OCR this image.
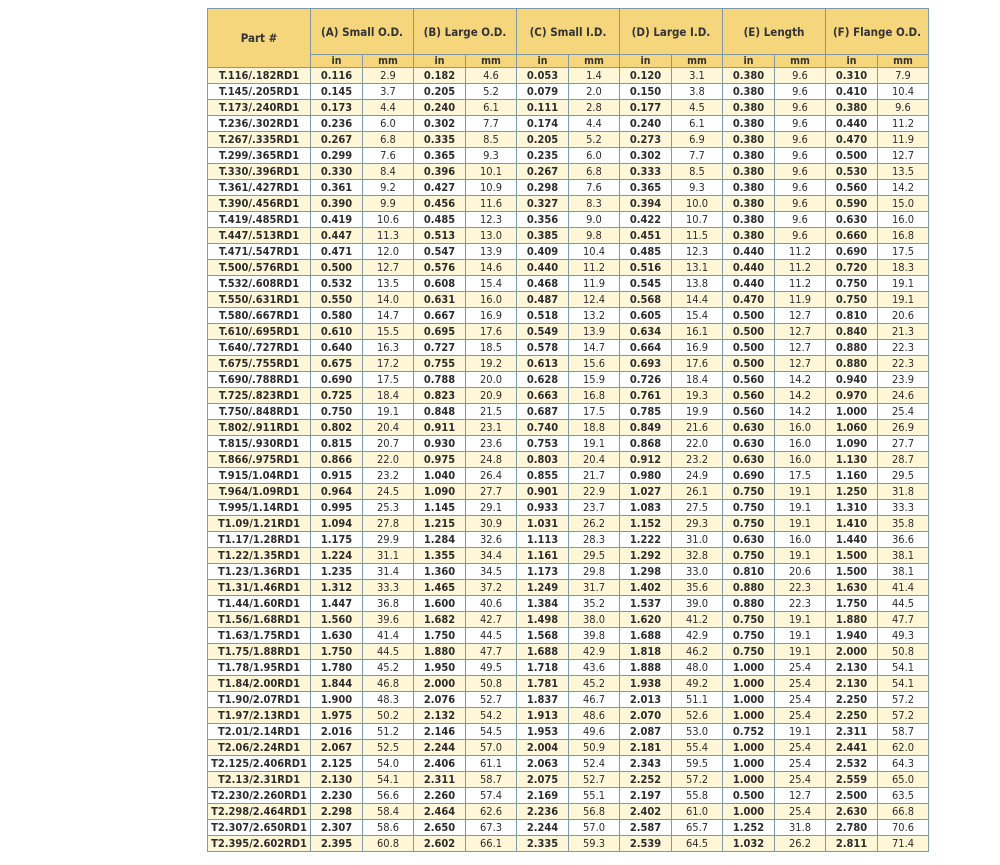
Part #	(A) Small O.D.		(B) Large O.D.		(C) Small I.D.		(D) Large I.D.		(E) Length		(F) Flange O.D.	
	in	mm	in	mm	in	mm	in	mm	in	mm	in	mm
T.116/.182RD1	0.116	2.9	0.182	4.6	0.053	1.4	0.120	3.1	0.380	9.6	0.310	7.9
T.145/.205RD1	0.145	3.7	0.205	5.2	0.079	2.0	0.150	3.8	0.380	9.6	0.410	10.4
T.173/.240RD1	0.173	4.4	0.240	6.1	0.111	2.8	0.177	4.5	0.380	9.6	0.380	9.6
T.236/.302RD1	0.236	6.0	0.302	7.7	0.174	4.4	0.240	6.1	0.380	9.6	0.440	11.2
T.267/.335RD1	0.267	6.8	0.335	8.5	0.205	5.2	0.273	6.9	0.380	9.6	0.470	11.9
T.299/.365RD1	0.299	7.6	0.365	9.3	0.235	6.0	0.302	7.7	0.380	9.6	0.500	12.7
T.330/.396RD1	0.330	8.4	0.396	10.1	0.267	6.8	0.333	8.5	0.380	9.6	0.530	13.5
T.361/.427RD1	0.361	9.2	0.427	10.9	0.298	7.6	0.365	9.3	0.380	9.6	0.560	14.2
T.390/.456RD1	0.390	9.9	0.456	11.6	0.327	8.3	0.394	10.0	0.380	9.6	0.590	15.0
T.419/.485RD1	0.419	10.6	0.485	12.3	0.356	9.0	0.422	10.7	0.380	9.6	0.630	16.0
T.447/.513RD1	0.447	11.3	0.513	13.0	0.385	9.8	0.451	11.5	0.380	9.6	0.660	16.8
T.471/.547RD1	0.471	12.0	0.547	13.9	0.409	10.4	0.485	12.3	0.440	11.2	0.690	17.5
T.500/.576RD1	0.500	12.7	0.576	14.6	0.440	11.2	0.516	13.1	0.440	11.2	0.720	18.3
T.532/.608RD1	0.532	13.5	0.608	15.4	0.468	11.9	0.545	13.8	0.440	11.2	0.750	19.1
T.550/.631RD1	0.550	14.0	0.631	16.0	0.487	12.4	0.568	14.4	0.470	11.9	0.750	19.1
T.580/.667RD1	0.580	14.7	0.667	16.9	0.518	13.2	0.605	15.4	0.500	12.7	0.810	20.6
T.610/.695RD1	0.610	15.5	0.695	17.6	0.549	13.9	0.634	16.1	0.500	12.7	0.840	21.3
T.640/.727RD1	0.640	16.3	0.727	18.5	0.578	14.7	0.664	16.9	0.500	12.7	0.880	22.3
T.675/.755RD1	0.675	17.2	0.755	19.2	0.613	15.6	0.693	17.6	0.500	12.7	0.880	22.3
T.690/.788RD1	0.690	17.5	0.788	20.0	0.628	15.9	0.726	18.4	0.560	14.2	0.940	23.9
T.725/.823RD1	0.725	18.4	0.823	20.9	0.663	16.8	0.761	19.3	0.560	14.2	0.970	24.6
T.750/.848RD1	0.750	19.1	0.848	21.5	0.687	17.5	0.785	19.9	0.560	14.2	1.000	25.4
T.802/.911RD1	0.802	20.4	0.911	23.1	0.740	18.8	0.849	21.6	0.630	16.0	1.060	26.9
T.815/.930RD1	0.815	20.7	0.930	23.6	0.753	19.1	0.868	22.0	0.630	16.0	1.090	27.7
T.866/.975RD1	0.866	22.0	0.975	24.8	0.803	20.4	0.912	23.2	0.630	16.0	1.130	28.7
T.915/1.04RD1	0.915	23.2	1.040	26.4	0.855	21.7	0.980	24.9	0.690	17.5	1.160	29.5
T.964/1.09RD1	0.964	24.5	1.090	27.7	0.901	22.9	1.027	26.1	0.750	19.1	1.250	31.8
T.995/1.14RD1	0.995	25.3	1.145	29.1	0.933	23.7	1.083	27.5	0.750	19.1	1.310	33.3
T1.09/1.21RD1	1.094	27.8	1.215	30.9	1.031	26.2	1.152	29.3	0.750	19.1	1.410	35.8
T1.17/1.28RD1	1.175	29.9	1.284	32.6	1.113	28.3	1.222	31.0	0.630	16.0	1.440	36.6
T1.22/1.35RD1	1.224	31.1	1.355	34.4	1.161	29.5	1.292	32.8	0.750	19.1	1.500	38.1
T1.23/1.36RD1	1.235	31.4	1.360	34.5	1.173	29.8	1.298	33.0	0.810	20.6	1.500	38.1
T1.31/1.46RD1	1.312	33.3	1.465	37.2	1.249	31.7	1.402	35.6	0.880	22.3	1.630	41.4
T1.44/1.60RD1	1.447	36.8	1.600	40.6	1.384	35.2	1.537	39.0	0.880	22.3	1.750	44.5
T1.56/1.68RD1	1.560	39.6	1.682	42.7	1.498	38.0	1.620	41.2	0.750	19.1	1.880	47.7
T1.63/1.75RD1	1.630	41.4	1.750	44.5	1.568	39.8	1.688	42.9	0.750	19.1	1.940	49.3
T1.75/1.88RD1	1.750	44.5	1.880	47.7	1.688	42.9	1.818	46.2	0.750	19.1	2.000	50.8
T1.78/1.95RD1	1.780	45.2	1.950	49.5	1.718	43.6	1.888	48.0	1.000	25.4	2.130	54.1
T1.84/2.00RD1	1.844	46.8	2.000	50.8	1.781	45.2	1.938	49.2	1.000	25.4	2.130	54.1
T1.90/2.07RD1	1.900	48.3	2.076	52.7	1.837	46.7	2.013	51.1	1.000	25.4	2.250	57.2
T1.97/2.13RD1	1.975	50.2	2.132	54.2	1.913	48.6	2.070	52.6	1.000	25.4	2.250	57.2
T2.01/2.14RD1	2.016	51.2	2.146	54.5	1.953	49.6	2.087	53.0	0.752	19.1	2.311	58.7
T2.06/2.24RD1	2.067	52.5	2.244	57.0	2.004	50.9	2.181	55.4	1.000	25.4	2.441	62.0
T2.125/2.406RD1	2.125	54.0	2.406	61.1	2.063	52.4	2.343	59.5	1.000	25.4	2.532	64.3
T2.13/2.31RD1	2.130	54.1	2.311	58.7	2.075	52.7	2.252	57.2	1.000	25.4	2.559	65.0
T2.230/2.260RD1	2.230	56.6	2.260	57.4	2.169	55.1	2.197	55.8	0.500	12.7	2.500	63.5
T2.298/2.464RD1	2.298	58.4	2.464	62.6	2.236	56.8	2.402	61.0	1.000	25.4	2.630	66.8
T2.307/2.650RD1	2.307	58.6	2.650	67.3	2.244	57.0	2.587	65.7	1.252	31.8	2.780	70.6
T2.395/2.602RD1	2.395	60.8	2.602	66.1	2.335	59.3	2.539	64.5	1.032	26.2	2.811	71.4
